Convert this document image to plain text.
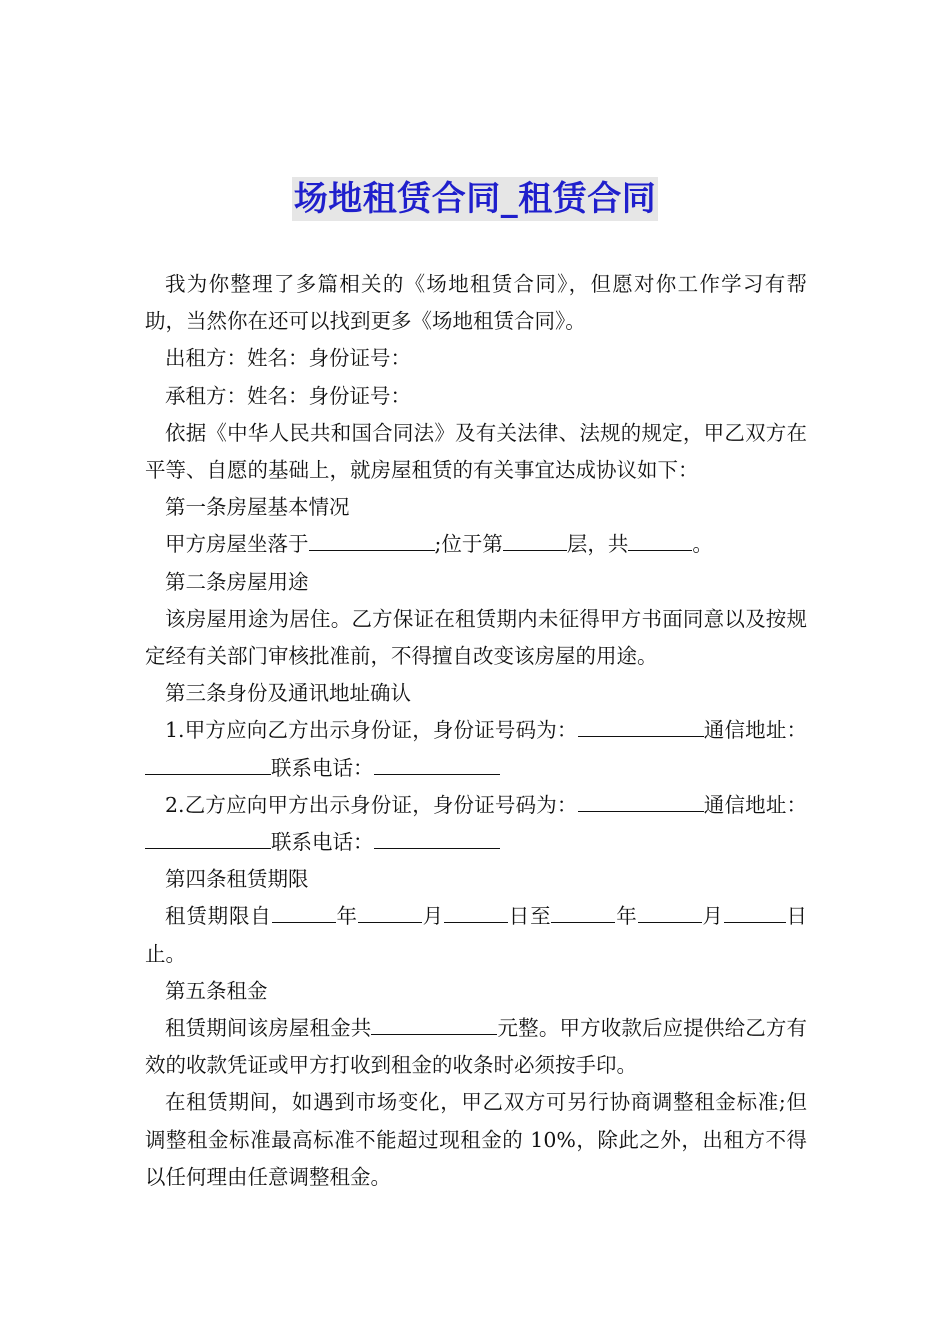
场地租赁合同_租赁合同

我为你整理了多篇相关的《场地租赁合同》，但愿对你工作学习有帮助，当然你在还可以找到更多《场地租赁合同》。

出租方：姓名：身份证号：

承租方：姓名：身份证号：

依据《中华人民共和国合同法》及有关法律、法规的规定，甲乙双方在平等、自愿的基础上，就房屋租赁的有关事宜达成协议如下：

第一条房屋基本情况

甲方房屋坐落于	;位于第	层，共	。

第二条房屋用途

该房屋用途为居住。乙方保证在租赁期内未征得甲方书面同意以及按规定经有关部门审核批准前，不得擅自改变该房屋的用途。

第三条身份及通讯地址确认

1.甲方应向乙方出示身份证，身份证号码为：	通信地址：联系电话：

2.乙方应向甲方出示身份证，身份证号码为：	通信地址：联系电话：

第四条租赁期限

租赁期限自	年	月	日至	年	月	日止。

第五条租金

租赁期间该房屋租金共	元整。甲方收款后应提供给乙方有效的收款凭证或甲方打收到租金的收条时必须按手印。

在租赁期间，如遇到市场变化，甲乙双方可另行协商调整租金标准;但调整租金标准最高标准不能超过现租金的 10%，除此之外，出租方不得以任何理由任意调整租金。
